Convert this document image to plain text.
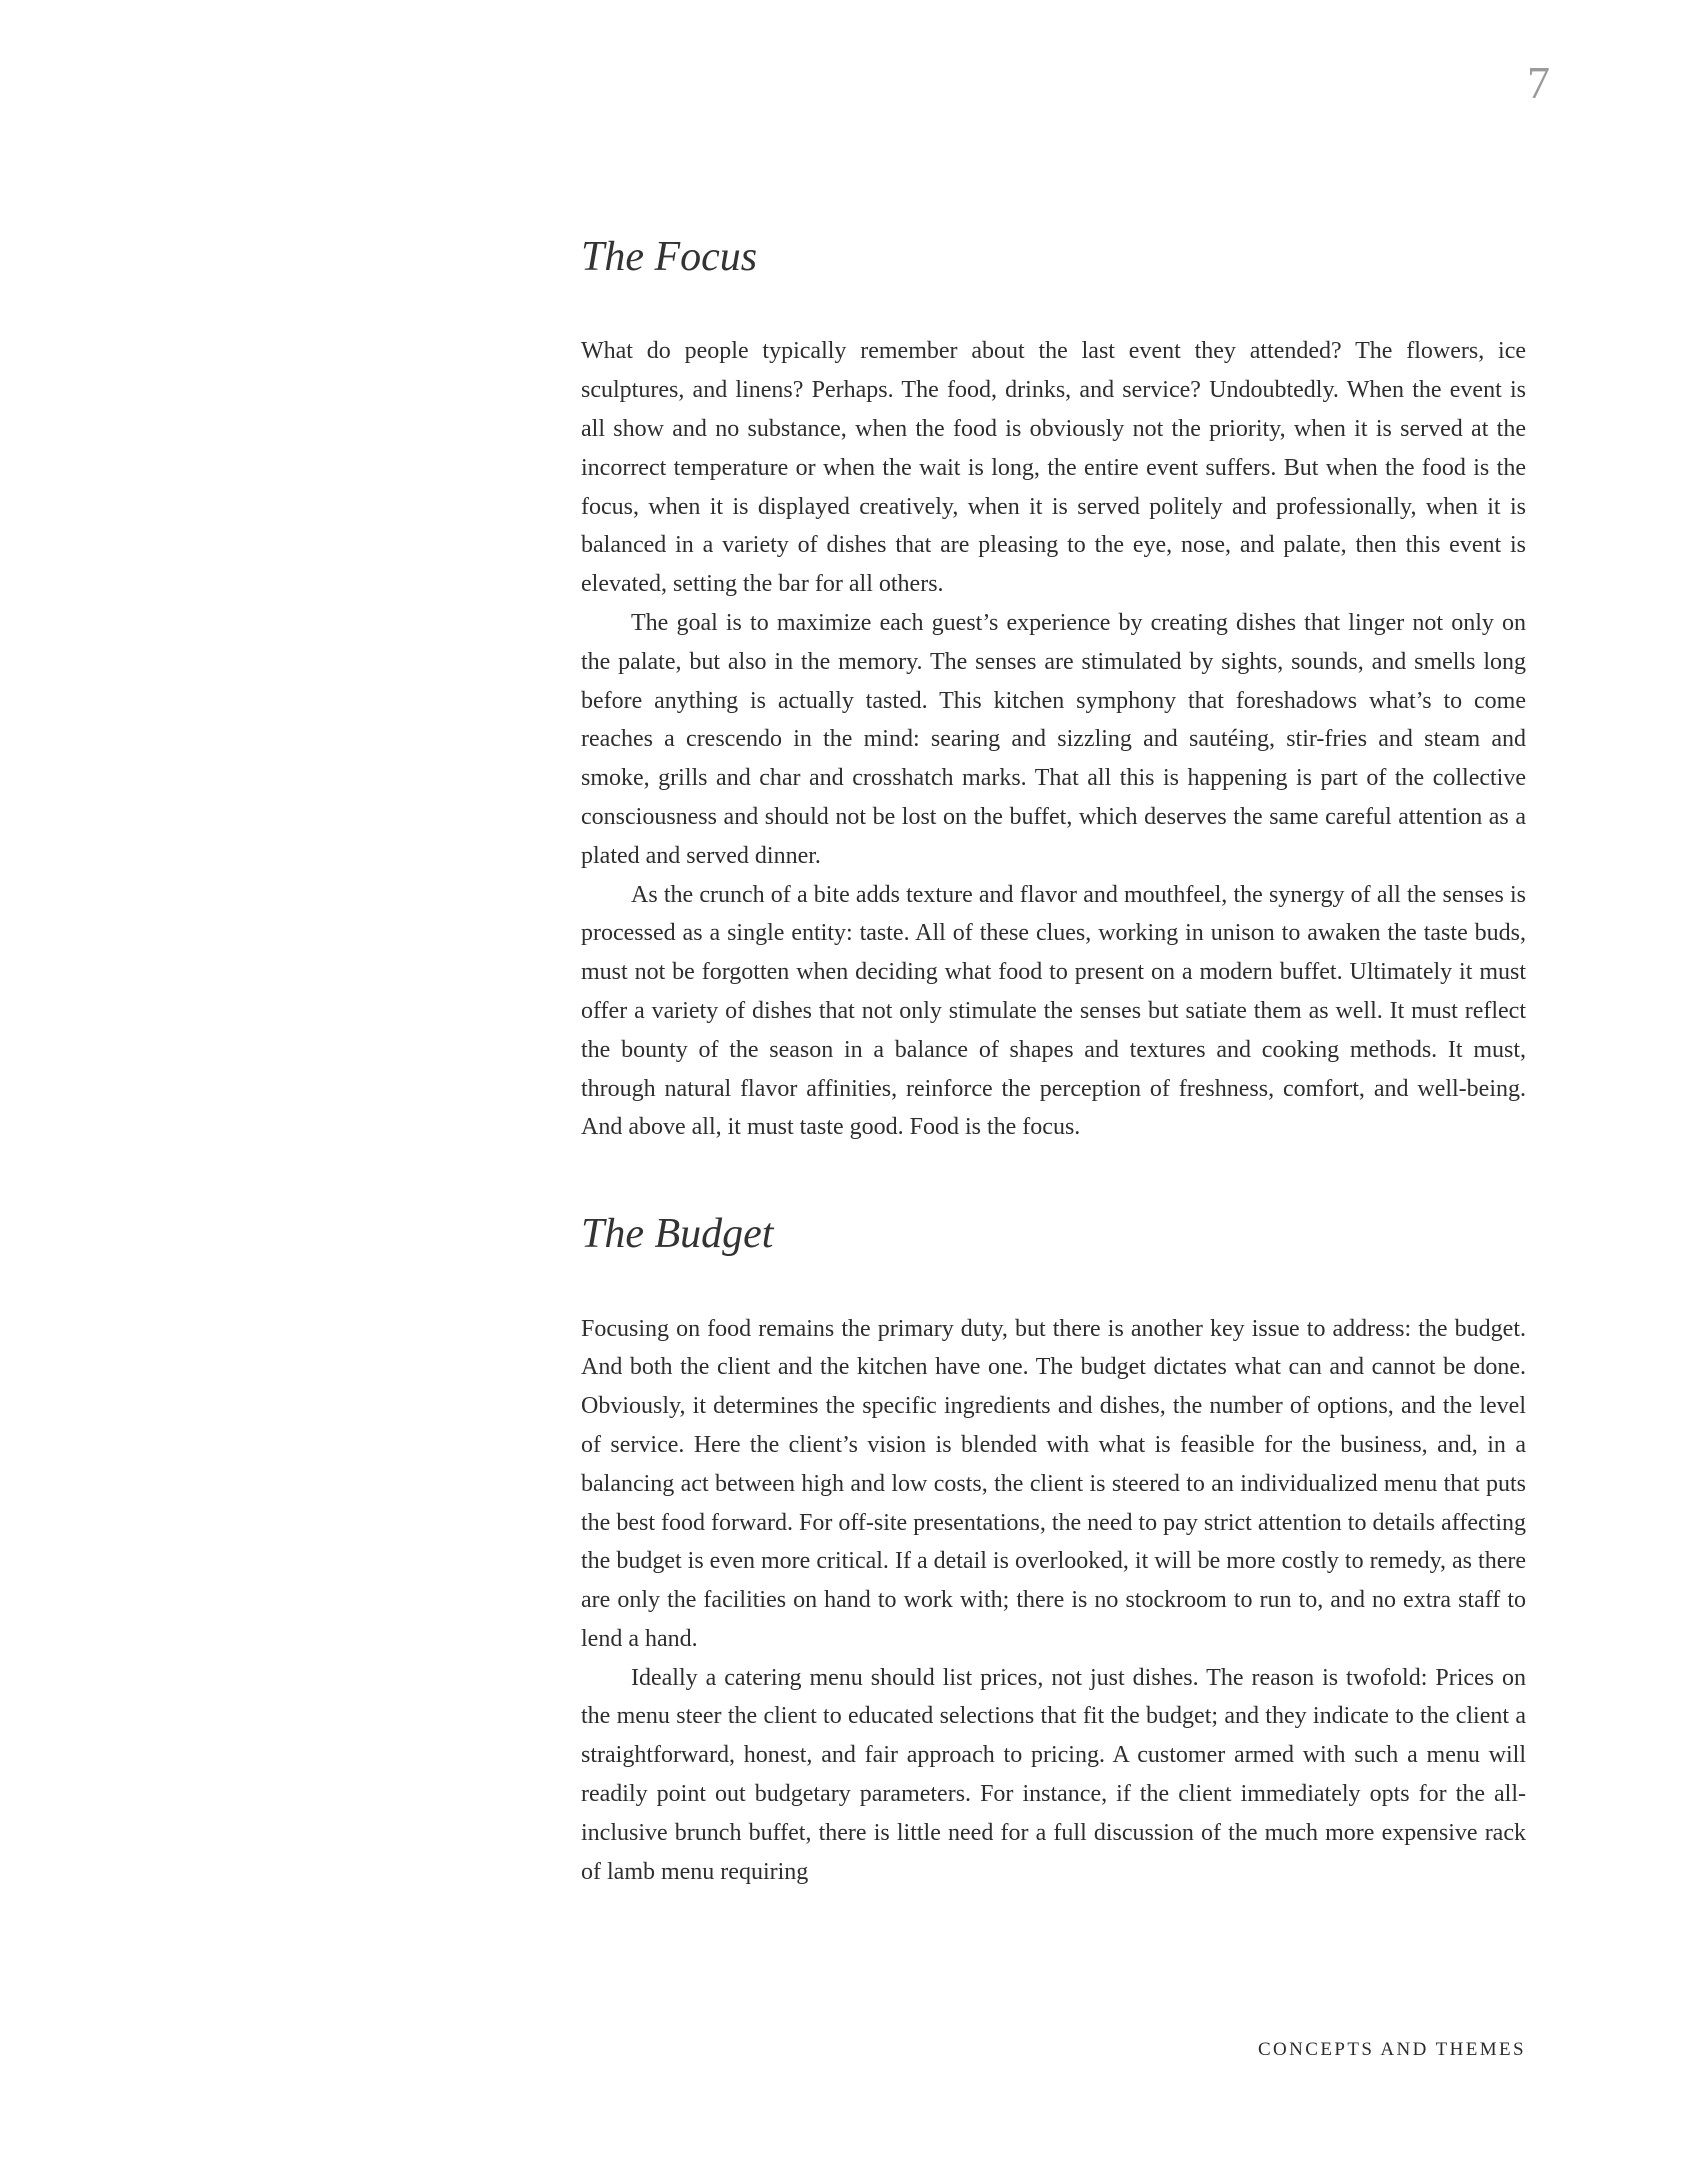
7
The Focus

What do people typically remember about the last event they attended? The flowers, ice sculptures, and linens? Perhaps. The food, drinks, and service? Undoubtedly. When the event is all show and no substance, when the food is obviously not the priority, when it is served at the incorrect temperature or when the wait is long, the entire event suffers. But when the food is the focus, when it is displayed creatively, when it is served politely and professionally, when it is balanced in a variety of dishes that are pleasing to the eye, nose, and palate, then this event is elevated, setting the bar for all others.

The goal is to maximize each guest’s experience by creating dishes that linger not only on the palate, but also in the memory. The senses are stimulated by sights, sounds, and smells long before anything is actually tasted. This kitchen symphony that foreshadows what’s to come reaches a crescendo in the mind: searing and sizzling and sautéing, stir-fries and steam and smoke, grills and char and crosshatch marks. That all this is happening is part of the collective consciousness and should not be lost on the buffet, which deserves the same careful attention as a plated and served dinner.

As the crunch of a bite adds texture and flavor and mouthfeel, the synergy of all the senses is processed as a single entity: taste. All of these clues, working in unison to awaken the taste buds, must not be forgotten when deciding what food to present on a modern buffet. Ultimately it must offer a variety of dishes that not only stimulate the senses but satiate them as well. It must reflect the bounty of the season in a balance of shapes and textures and cooking methods. It must, through natural flavor affinities, reinforce the perception of freshness, comfort, and well-being. And above all, it must taste good. Food is the focus.

The Budget

Focusing on food remains the primary duty, but there is another key issue to address: the budget. And both the client and the kitchen have one. The budget dictates what can and cannot be done. Obviously, it determines the specific ingredients and dishes, the number of options, and the level of service. Here the client’s vision is blended with what is feasible for the business, and, in a balancing act between high and low costs, the client is steered to an individualized menu that puts the best food forward. For off-site presentations, the need to pay strict attention to details affecting the budget is even more critical. If a detail is overlooked, it will be more costly to remedy, as there are only the facilities on hand to work with; there is no stockroom to run to, and no extra staff to lend a hand.

Ideally a catering menu should list prices, not just dishes. The reason is twofold: Prices on the menu steer the client to educated selections that fit the budget; and they indicate to the client a straightforward, honest, and fair approach to pricing. A customer armed with such a menu will readily point out budgetary parameters. For instance, if the client immediately opts for the all-inclusive brunch buffet, there is little need for a full discussion of the much more expensive rack of lamb menu requiring

CONCEPTS AND THEMES
